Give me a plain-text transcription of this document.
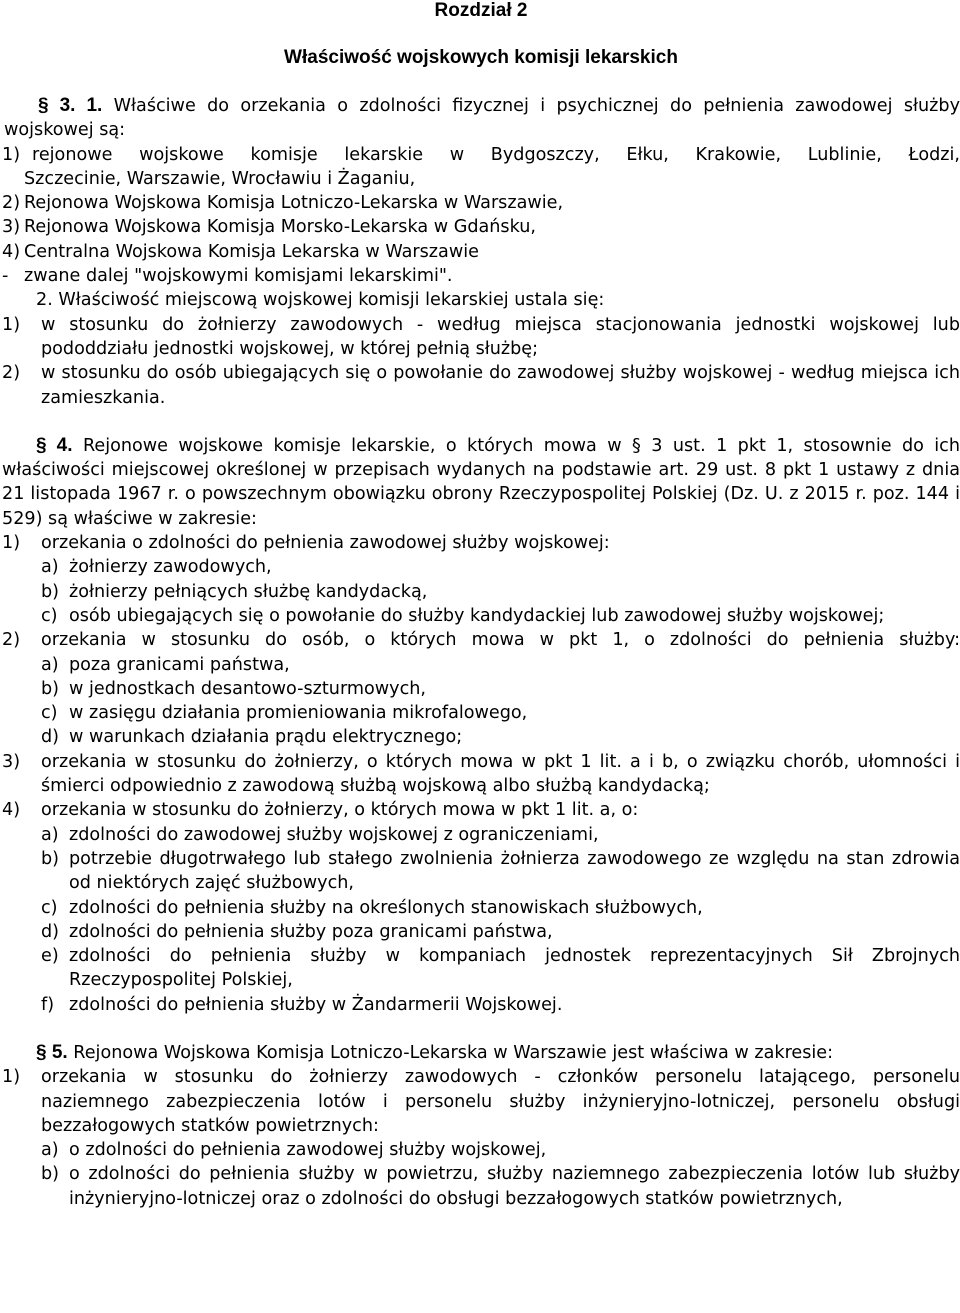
Rozdział 2
Właściwość wojskowych komisji lekarskich
§ 3. 1. Właściwe do orzekania o zdolności fizycznej i psychicznej do pełnienia zawodowej służby wojskowej są:
1) rejonowe wojskowe komisje lekarskie w Bydgoszczy, Ełku, Krakowie, Lublinie, Łodzi,
Szczecinie, Warszawie, Wrocławiu i Żaganiu,
2) Rejonowa Wojskowa Komisja Lotniczo-Lekarska w Warszawie,
3) Rejonowa Wojskowa Komisja Morsko-Lekarska w Gdańsku,
4) Centralna Wojskowa Komisja Lekarska w Warszawie
- zwane dalej "wojskowymi komisjami lekarskimi".
2. Właściwość miejscową wojskowej komisji lekarskiej ustala się:
1)	w stosunku do żołnierzy zawodowych - według miejsca stacjonowania jednostki wojskowej lub pododdziału jednostki wojskowej, w której pełnią służbę;
2)	w stosunku do osób ubiegających się o powołanie do zawodowej służby wojskowej - według miejsca ich zamieszkania.
§ 4. Rejonowe wojskowe komisje lekarskie, o których mowa w § 3 ust. 1 pkt 1, stosownie do ich właściwości miejscowej określonej w przepisach wydanych na podstawie art. 29 ust. 8 pkt 1 ustawy z dnia 21 listopada 1967 r. o powszechnym obowiązku obrony Rzeczypospolitej Polskiej (Dz. U. z 2015 r. poz. 144 i 529) są właściwe w zakresie:
1)	orzekania o zdolności do pełnienia zawodowej służby wojskowej:
a) żołnierzy zawodowych,
b) żołnierzy pełniących służbę kandydacką,
c) osób ubiegających się o powołanie do służby kandydackiej lub zawodowej służby wojskowej;
2)	orzekania w stosunku do osób, o których mowa w pkt 1, o zdolności do pełnienia służby:
a) poza granicami państwa,
b) w jednostkach desantowo-szturmowych,
c) w zasięgu działania promieniowania mikrofalowego,
d) w warunkach działania prądu elektrycznego;
3)	orzekania w stosunku do żołnierzy, o których mowa w pkt 1 lit. a i b, o związku chorób, ułomności i śmierci odpowiednio z zawodową służbą wojskową albo służbą kandydacką;
4)	orzekania w stosunku do żołnierzy, o których mowa w pkt 1 lit. a, o:
a) zdolności do zawodowej służby wojskowej z ograniczeniami,
b) potrzebie długotrwałego lub stałego zwolnienia żołnierza zawodowego ze względu na stan zdrowia od niektórych zajęć służbowych,
c) zdolności do pełnienia służby na określonych stanowiskach służbowych,
d) zdolności do pełnienia służby poza granicami państwa,
e) zdolności do pełnienia służby w kompaniach jednostek reprezentacyjnych Sił Zbrojnych Rzeczypospolitej Polskiej,
f) zdolności do pełnienia służby w Żandarmerii Wojskowej.
§ 5. Rejonowa Wojskowa Komisja Lotniczo-Lekarska w Warszawie jest właściwa w zakresie:
1)	orzekania w stosunku do żołnierzy zawodowych - członków personelu latającego, personelu naziemnego zabezpieczenia lotów i personelu służby inżynieryjno-lotniczej, personelu obsługi bezzałogowych statków powietrznych:
a) o zdolności do pełnienia zawodowej służby wojskowej,
b) o zdolności do pełnienia służby w powietrzu, służby naziemnego zabezpieczenia lotów lub służby inżynieryjno-lotniczej oraz o zdolności do obsługi bezzałogowych statków powietrznych,
